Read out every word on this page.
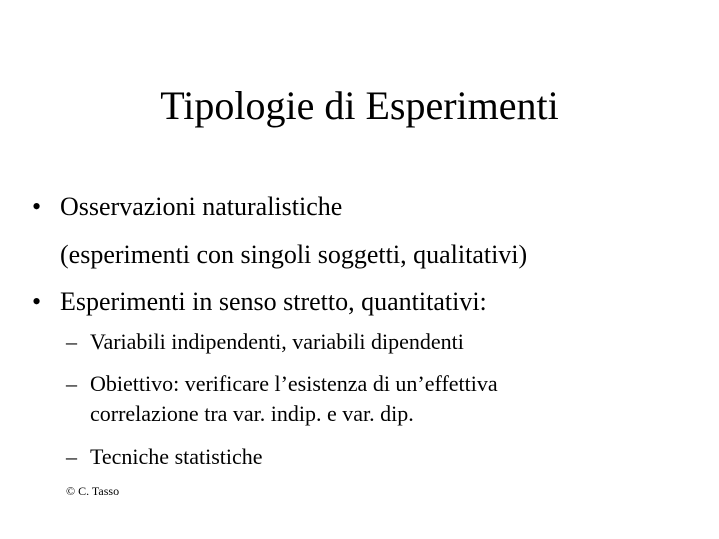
Tipologie di Esperimenti
• Osservazioni naturalistiche
(esperimenti con singoli soggetti, qualitativi)
• Esperimenti in senso stretto, quantitativi:
– Variabili indipendenti, variabili dipendenti
– Obiettivo: verificare l’esistenza di un’effettiva
correlazione tra var. indip. e var. dip.
– Tecniche statistiche
© C. Tasso
